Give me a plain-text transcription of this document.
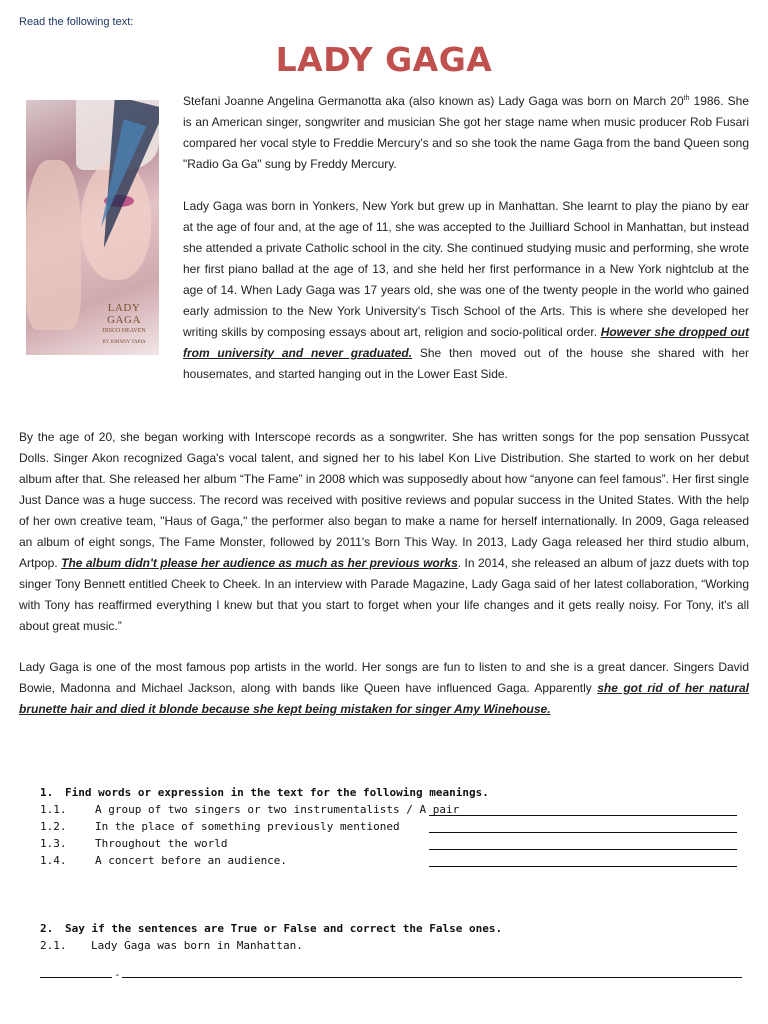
Read the following text:
LADY GAGA
LADY GAGA
DISCO HEAVEN
BY JOHNNY TAPIA
Stefani Joanne Angelina Germanotta aka (also known as) Lady Gaga was born on March 20th 1986. She is an American singer, songwriter and musician She got her stage name when music producer Rob Fusari compared her vocal style to Freddie Mercury's and so she took the name Gaga from the band Queen song "Radio Ga Ga" sung by Freddy Mercury.
Lady Gaga was born in Yonkers, New York but grew up in Manhattan. She learnt to play the piano by ear at the age of four and, at the age of 11, she was accepted to the Juilliard School in Manhattan, but instead she attended a private Catholic school in the city. She continued studying music and performing, she wrote her first piano ballad at the age of 13, and she held her first performance in a New York nightclub at the age of 14. When Lady Gaga was 17 years old, she was one of the twenty people in the world who gained early admission to the New York University's Tisch School of the Arts. This is where she developed her writing skills by composing essays about art, religion and socio-political order. However she dropped out from university and never graduated. She then moved out of the house she shared with her housemates, and started hanging out in the Lower East Side.
By the age of 20, she began working with Interscope records as a songwriter. She has written songs for the pop sensation Pussycat Dolls. Singer Akon recognized Gaga's vocal talent, and signed her to his label Kon Live Distribution. She started to work on her debut album after that. She released her album “The Fame” in 2008 which was supposedly about how “anyone can feel famous”. Her first single Just Dance was a huge success. The record was received with positive reviews and popular success in the United States. With the help of her own creative team, "Haus of Gaga," the performer also began to make a name for herself internationally. In 2009, Gaga released an album of eight songs, The Fame Monster, followed by 2011's Born This Way. In 2013, Lady Gaga released her third studio album, Artpop. The album didn't please her audience as much as her previous works. In 2014, she released an album of jazz duets with top singer Tony Bennett entitled Cheek to Cheek. In an interview with Parade Magazine, Lady Gaga said of her latest collaboration, “Working with Tony has reaffirmed everything I knew but that you start to forget when your life changes and it gets really noisy. For Tony, it's all about great music.”
Lady Gaga is one of the most famous pop artists in the world. Her songs are fun to listen to and she is a great dancer. Singers David Bowie, Madonna and Michael Jackson, along with bands like Queen have influenced Gaga. Apparently she got rid of her natural brunette hair and died it blonde because she kept being mistaken for singer Amy Winehouse.
1. Find words or expression in the text for the following meanings.
1.1.	A group of two singers or two instrumentalists / A pair
1.2.	In the place of something previously mentioned
1.3.	Throughout the world
1.4.	A concert before an audience.
2. Say if the sentences are True or False and correct the False ones.
2.1. Lady Gaga was born in Manhattan.
-
